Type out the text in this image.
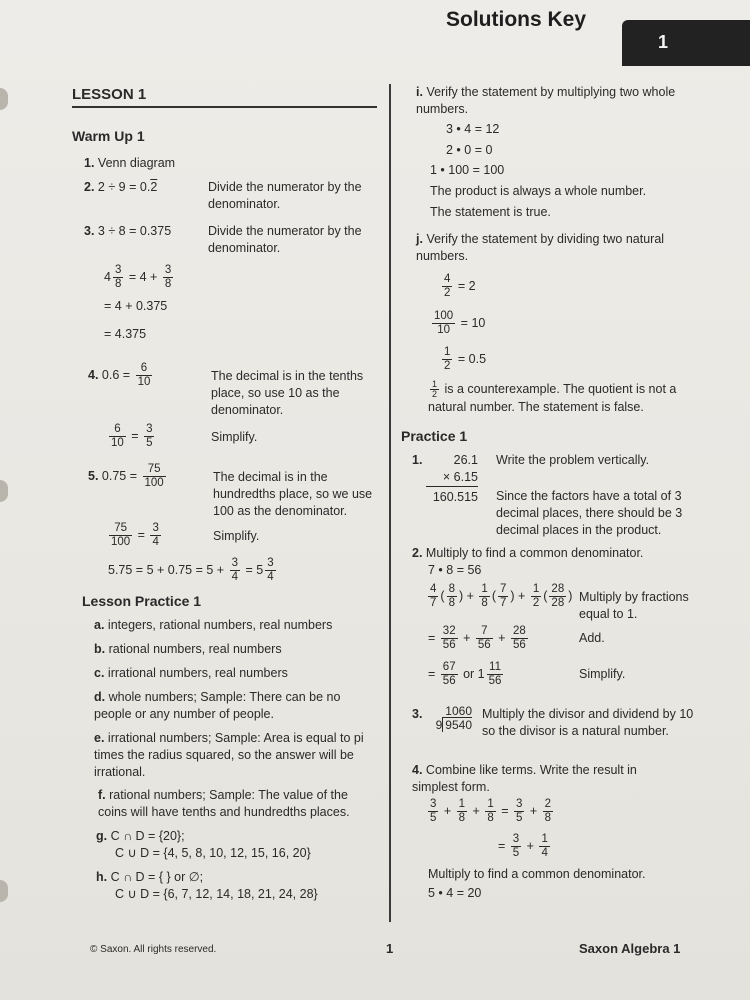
Solutions Key
1
LESSON 1
Warm Up 1
1. Venn diagram
2. 2 ÷ 9 = 0.2	Divide the numerator by the denominator.
3. 3 ÷ 8 = 0.375	Divide the numerator by the denominator.
$4 \frac{3}{8} = 4 + \frac{3}{8}$
= 4 + 0.375
= 4.375
4. $0.6 = \frac{6}{10}$	The decimal is in the tenths place, so use 10 as the denominator.
$\frac{6}{10} = \frac{3}{5}$	Simplify.
5. $0.75 = \frac{75}{100}$	The decimal is in the hundredths place, so we use 100 as the denominator.
$\frac{75}{100} = \frac{3}{4}$	Simplify.
$5.75 = 5 + 0.75 = 5 + \frac{3}{4} = 5 \frac{3}{4}$
Lesson Practice 1
a. integers, rational numbers, real numbers
b. rational numbers, real numbers
c. irrational numbers, real numbers
d. whole numbers; Sample: There can be no people or any number of people.
e. irrational numbers; Sample: Area is equal to pi times the radius squared, so the answer will be irrational.
f. rational numbers; Sample: The value of the coins will have tenths and hundredths places.
g. C ∩ D = {20};
C ∪ D = {4, 5, 8, 10, 12, 15, 16, 20}
h. C ∩ D = { } or ∅;
C ∪ D = {6, 7, 12, 14, 18, 21, 24, 28}
i. Verify the statement by multiplying two whole numbers.
3 • 4 = 12
2 • 0 = 0
1 • 100 = 100
The product is always a whole number.
The statement is true.
j. Verify the statement by dividing two natural numbers.
$\frac{4}{2} = 2$
$\frac{100}{10} = 10$
$\frac{1}{2} = 0.5$
$\frac{1}{2}$ is a counterexample. The quotient is not a natural number. The statement is false.
Practice 1
1.	26.1
× 6.15
160.515
Write the problem vertically.
Since the factors have a total of 3 decimal places, there should be 3 decimal places in the product.
2. Multiply to find a common denominator.
7 • 8 = 56
$\frac{4}{7}$ ( $\frac{8}{8}$ ) + $\frac{1}{8}$ ( $\frac{7}{7}$ ) + $\frac{1}{2}$ ( $\frac{28}{28}$ ) Multiply by fractions equal to 1.
= $\frac{32}{56} + \frac{7}{56} + \frac{28}{56}$	Add.
= $\frac{67}{56}$ or $1 \frac{11}{56}$	Simplify.
3.	1060
9 9540
Multiply the divisor and dividend by 10 so the divisor is a natural number.
4. Combine like terms. Write the result in simplest form.
$\frac{3}{5} + \frac{1}{8} + \frac{1}{8} = \frac{3}{5} + \frac{2}{8}$
= $\frac{3}{5} + \frac{1}{4}$
Multiply to find a common denominator.
5 • 4 = 20
© Saxon. All rights reserved.	1	Saxon Algebra 1
